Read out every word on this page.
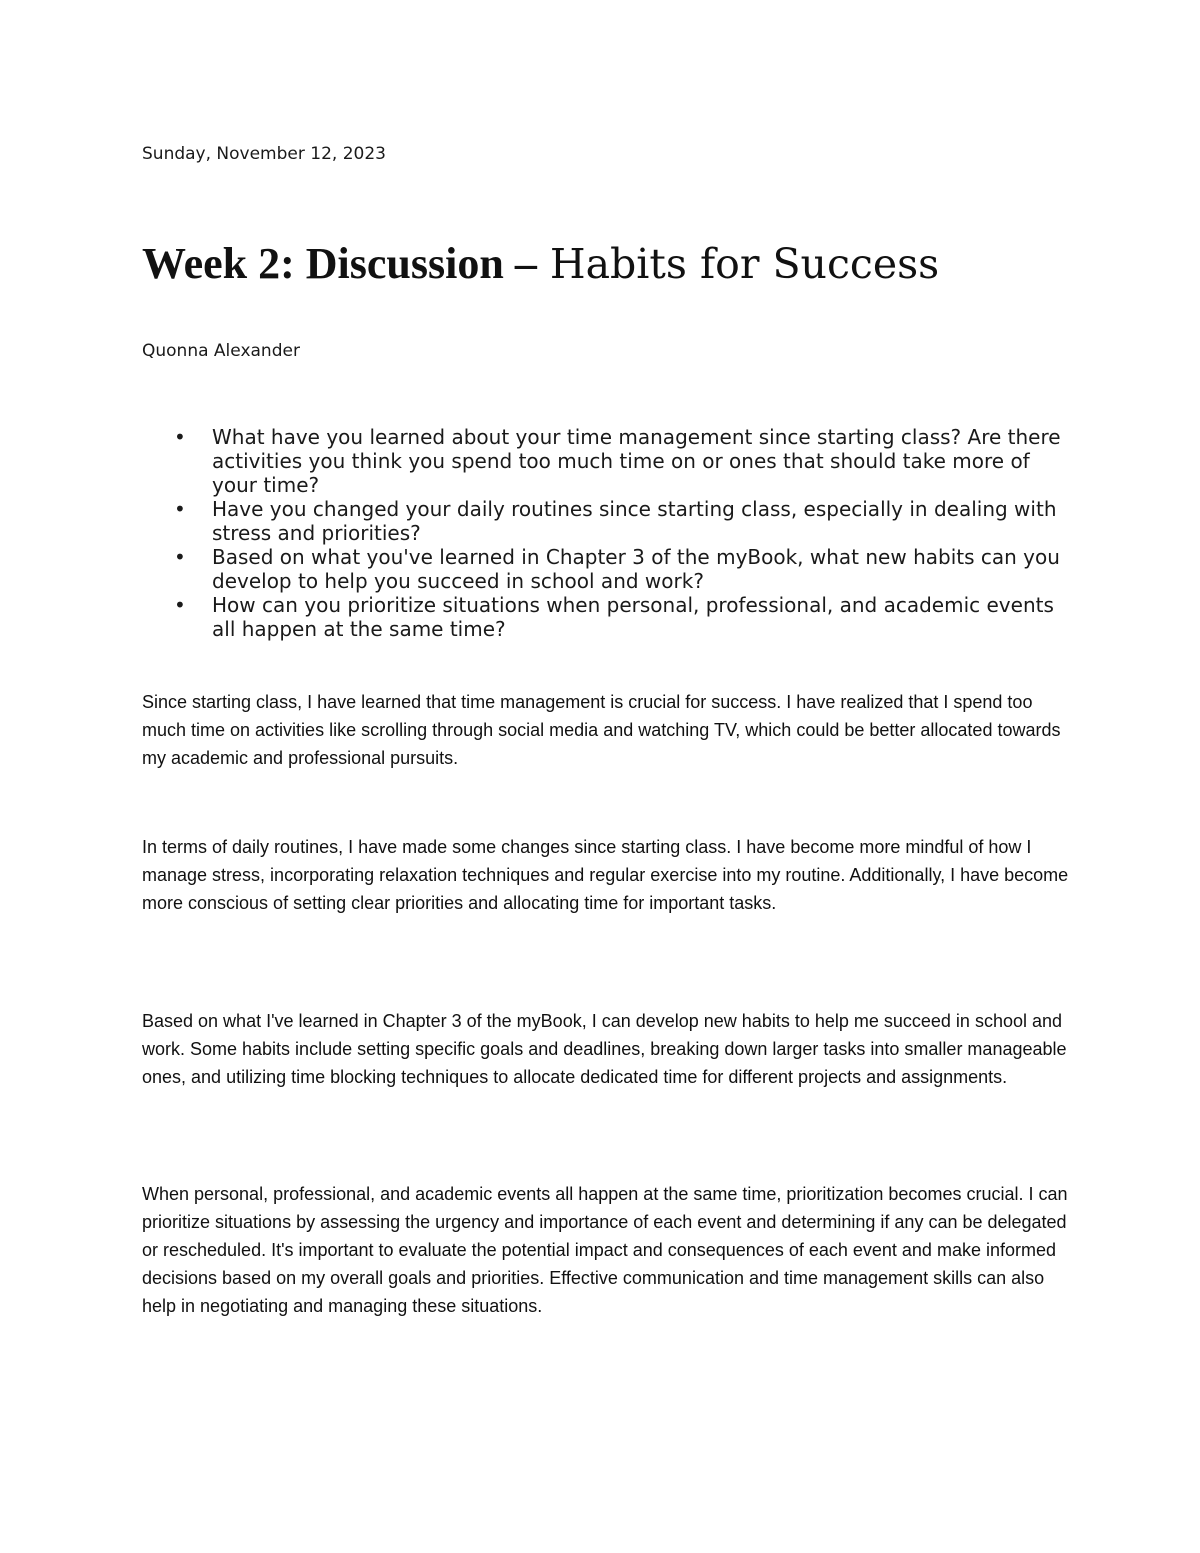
Sunday, November 12, 2023

Week 2: Discussion – Habits for Success

Quonna Alexander

• What have you learned about your time management since starting class? Are there activities you think you spend too much time on or ones that should take more of your time?
• Have you changed your daily routines since starting class, especially in dealing with stress and priorities?
• Based on what you've learned in Chapter 3 of the myBook, what new habits can you develop to help you succeed in school and work?
• How can you prioritize situations when personal, professional, and academic events all happen at the same time?

Since starting class, I have learned that time management is crucial for success. I have realized that I spend too much time on activities like scrolling through social media and watching TV, which could be better allocated towards my academic and professional pursuits.

In terms of daily routines, I have made some changes since starting class. I have become more mindful of how I manage stress, incorporating relaxation techniques and regular exercise into my routine. Additionally, I have become more conscious of setting clear priorities and allocating time for important tasks.

Based on what I've learned in Chapter 3 of the myBook, I can develop new habits to help me succeed in school and work. Some habits include setting specific goals and deadlines, breaking down larger tasks into smaller manageable ones, and utilizing time blocking techniques to allocate dedicated time for different projects and assignments.

When personal, professional, and academic events all happen at the same time, prioritization becomes crucial. I can prioritize situations by assessing the urgency and importance of each event and determining if any can be delegated or rescheduled. It's important to evaluate the potential impact and consequences of each event and make informed decisions based on my overall goals and priorities. Effective communication and time management skills can also help in negotiating and managing these situations.
